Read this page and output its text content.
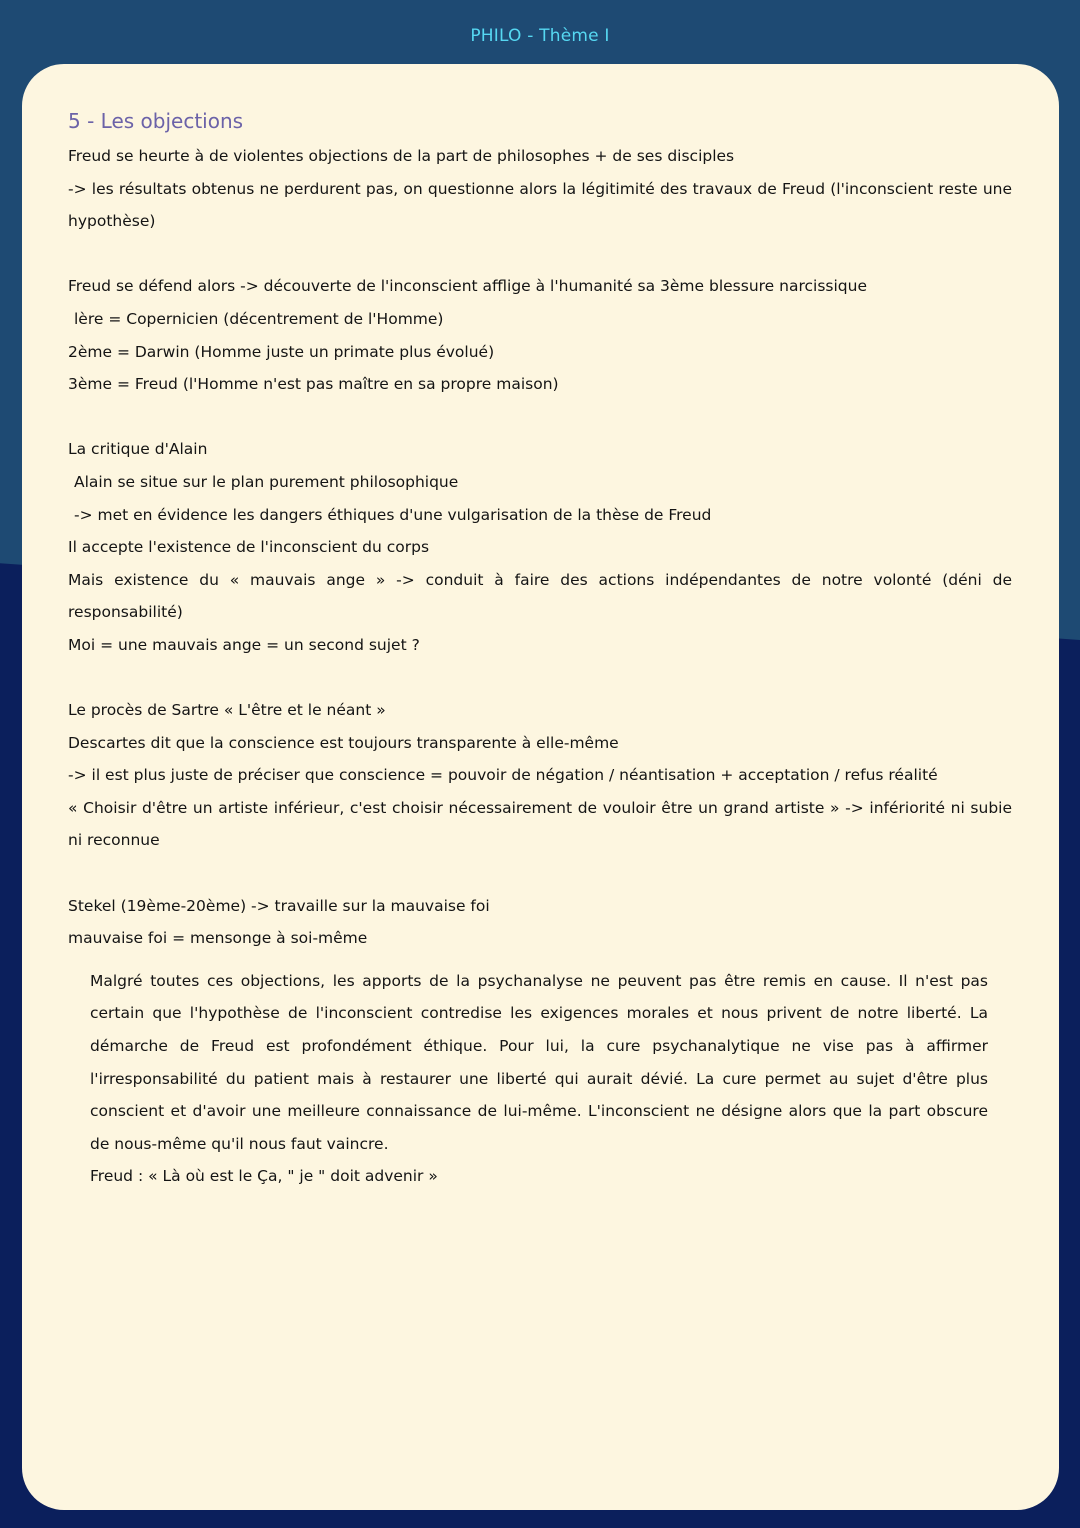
PHILO - Thème I
5 - Les objections
Freud se heurte à de violentes objections de la part de philosophes + de ses disciples
-> les résultats obtenus ne perdurent pas, on questionne alors la légitimité des travaux de Freud (l'inconscient reste une hypothèse)
Freud se défend alors -> découverte de l'inconscient afflige à l'humanité sa 3ème blessure narcissique
lère = Copernicien (décentrement de l'Homme)
2ème = Darwin (Homme juste un primate plus évolué)
3ème = Freud (l'Homme n'est pas maître en sa propre maison)
La critique d'Alain
Alain se situe sur le plan purement philosophique
-> met en évidence les dangers éthiques d'une vulgarisation de la thèse de Freud
Il accepte l'existence de l'inconscient du corps
Mais existence du « mauvais ange » -> conduit à faire des actions indépendantes de notre volonté (déni de responsabilité)
Moi = une mauvais ange = un second sujet ?
Le procès de Sartre « L'être et le néant »
Descartes dit que la conscience est toujours transparente à elle-même
-> il est plus juste de préciser que conscience = pouvoir de négation / néantisation + acceptation / refus réalité
« Choisir d'être un artiste inférieur, c'est choisir nécessairement de vouloir être un grand artiste » -> infériorité ni subie ni reconnue
Stekel (19ème-20ème) -> travaille sur la mauvaise foi
mauvaise foi = mensonge à soi-même
Malgré toutes ces objections, les apports de la psychanalyse ne peuvent pas être remis en cause. Il n'est pas certain que l'hypothèse de l'inconscient contredise les exigences morales et nous privent de notre liberté. La démarche de Freud est profondément éthique. Pour lui, la cure psychanalytique ne vise pas à affirmer l'irresponsabilité du patient mais à restaurer une liberté qui aurait dévié. La cure permet au sujet d'être plus conscient et d'avoir une meilleure connaissance de lui-même. L'inconscient ne désigne alors que la part obscure de nous-même qu'il nous faut vaincre.
Freud : « Là où est le Ça, " je " doit advenir »
